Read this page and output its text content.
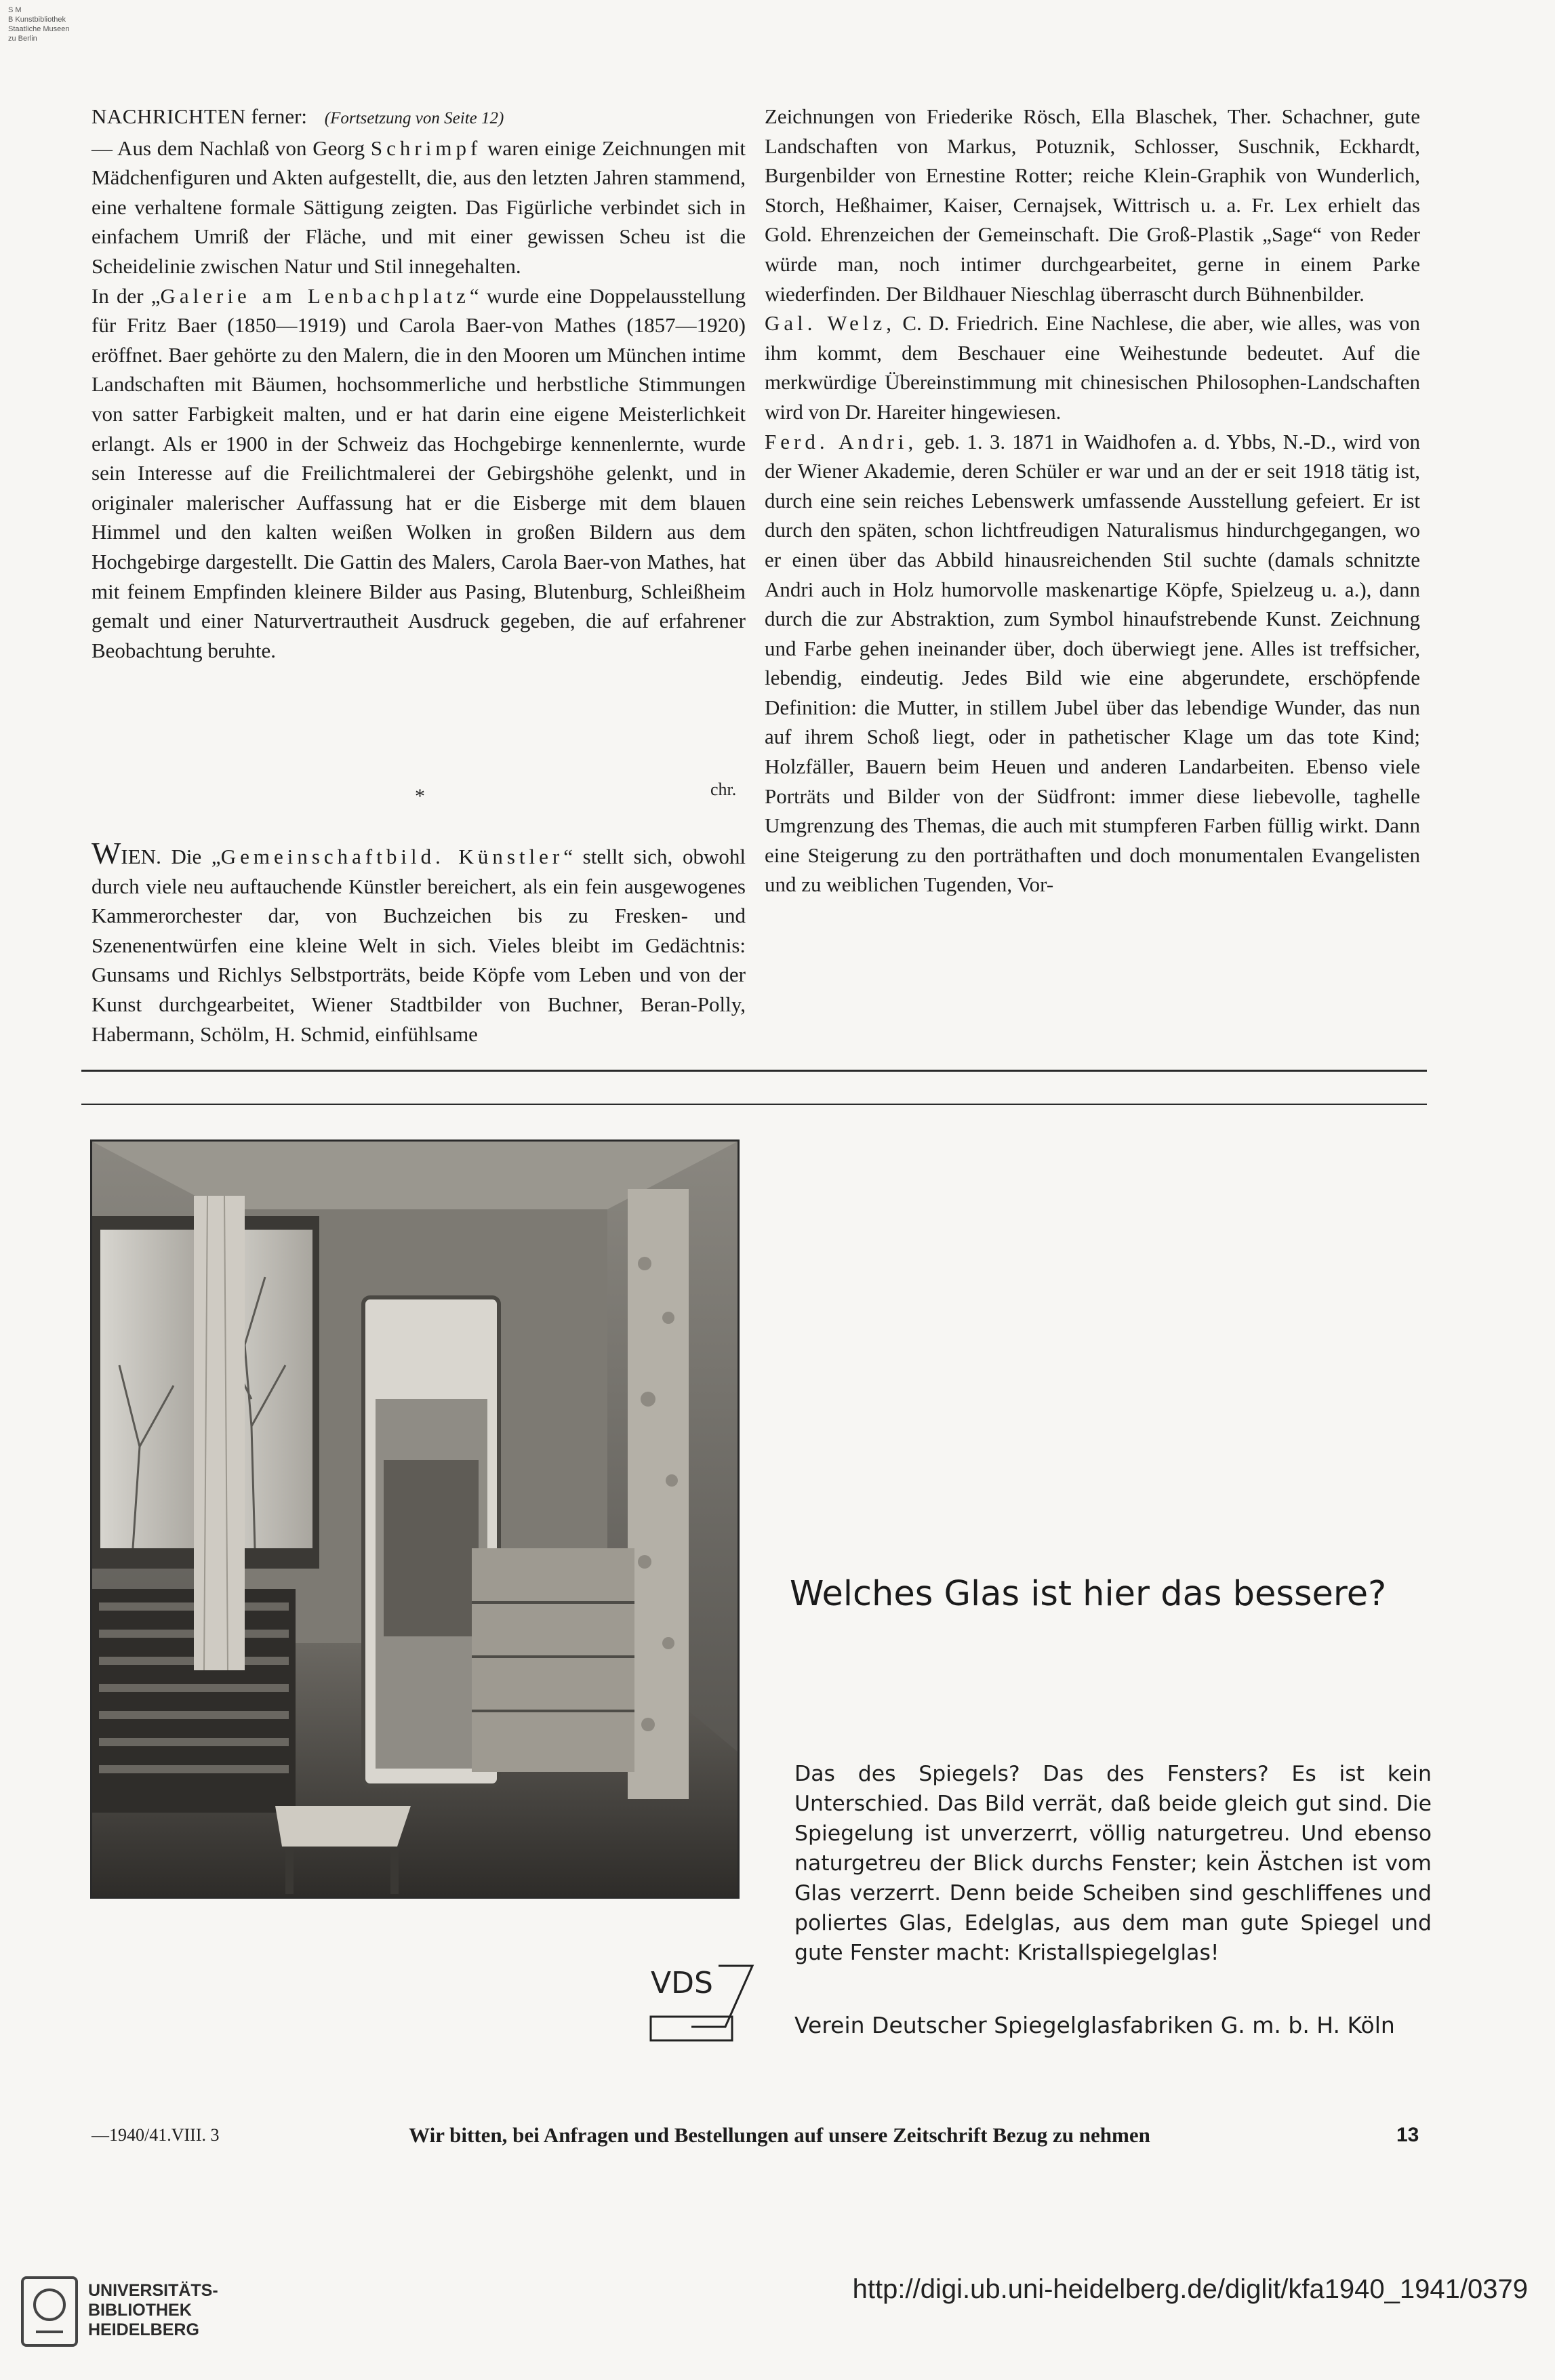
S M
B Kunstbibliothek
Staatliche Museen
zu Berlin

NACHRICHTEN ferner: (Fortsetzung von Seite 12)

— Aus dem Nachlaß von Georg Schrimpf waren einige Zeichnungen mit Mädchenfiguren und Akten aufgestellt, die, aus den letzten Jahren stammend, eine verhaltene formale Sättigung zeigten. Das Figürliche verbindet sich in einfachem Umriß der Fläche, und mit einer gewissen Scheu ist die Scheidelinie zwischen Natur und Stil innegehalten.

In der „Galerie am Lenbachplatz“ wurde eine Doppelausstellung für Fritz Baer (1850—1919) und Carola Baer-von Mathes (1857—1920) eröffnet. Baer gehörte zu den Malern, die in den Mooren um München intime Landschaften mit Bäumen, hochsommerliche und herbstliche Stimmungen von satter Farbigkeit malten, und er hat darin eine eigene Meisterlichkeit erlangt. Als er 1900 in der Schweiz das Hochgebirge kennenlernte, wurde sein Interesse auf die Freilichtmalerei der Gebirgshöhe gelenkt, und in originaler malerischer Auffassung hat er die Eisberge mit dem blauen Himmel und den kalten weißen Wolken in großen Bildern aus dem Hochgebirge dargestellt. Die Gattin des Malers, Carola Baer-von Mathes, hat mit feinem Empfinden kleinere Bilder aus Pasing, Blutenburg, Schleißheim gemalt und einer Naturvertrautheit Ausdruck gegeben, die auf erfahrener Beobachtung beruhte.

*	chr.

WIEN. Die „Gemeinschaftbild. Künstler“ stellt sich, obwohl durch viele neu auftauchende Künstler bereichert, als ein fein ausgewogenes Kammerorchester dar, von Buchzeichen bis zu Fresken- und Szenenentwürfen eine kleine Welt in sich. Vieles bleibt im Gedächtnis: Gunsams und Richlys Selbstporträts, beide Köpfe vom Leben und von der Kunst durchgearbeitet, Wiener Stadtbilder von Buchner, Beran-Polly, Habermann, Schölm, H. Schmid, einfühlsame

Zeichnungen von Friederike Rösch, Ella Blaschek, Ther. Schachner, gute Landschaften von Markus, Potuznik, Schlosser, Suschnik, Eckhardt, Burgenbilder von Ernestine Rotter; reiche Klein-Graphik von Wunderlich, Storch, Heßhaimer, Kaiser, Cernajsek, Wittrisch u. a. Fr. Lex erhielt das Gold. Ehrenzeichen der Gemeinschaft. Die Groß-Plastik „Sage“ von Reder würde man, noch intimer durchgearbeitet, gerne in einem Parke wiederfinden. Der Bildhauer Nieschlag überrascht durch Bühnenbilder.

Gal. Welz, C. D. Friedrich. Eine Nachlese, die aber, wie alles, was von ihm kommt, dem Beschauer eine Weihestunde bedeutet. Auf die merkwürdige Übereinstimmung mit chinesischen Philosophen-Landschaften wird von Dr. Hareiter hingewiesen.

Ferd. Andri, geb. 1. 3. 1871 in Waidhofen a. d. Ybbs, N.-D., wird von der Wiener Akademie, deren Schüler er war und an der er seit 1918 tätig ist, durch eine sein reiches Lebenswerk umfassende Ausstellung gefeiert. Er ist durch den späten, schon lichtfreudigen Naturalismus hindurchgegangen, wo er einen über das Abbild hinausreichenden Stil suchte (damals schnitzte Andri auch in Holz humorvolle maskenartige Köpfe, Spielzeug u. a.), dann durch die zur Abstraktion, zum Symbol hinaufstrebende Kunst. Zeichnung und Farbe gehen ineinander über, doch überwiegt jene. Alles ist treffsicher, lebendig, eindeutig. Jedes Bild wie eine abgerundete, erschöpfende Definition: die Mutter, in stillem Jubel über das lebendige Wunder, das nun auf ihrem Schoß liegt, oder in pathetischer Klage um das tote Kind; Holzfäller, Bauern beim Heuen und anderen Landarbeiten. Ebenso viele Porträts und Bilder von der Südfront: immer diese liebevolle, taghelle Umgrenzung des Themas, die auch mit stumpferen Farben füllig wirkt. Dann eine Steigerung zu den porträthaften und doch monumentalen Evangelisten und zu weiblichen Tugenden, Vor-

Welches Glas ist hier das bessere?

Das des Spiegels? Das des Fensters? Es ist kein Unterschied. Das Bild verrät, daß beide gleich gut sind. Die Spiegelung ist unverzerrt, völlig naturgetreu. Und ebenso naturgetreu der Blick durchs Fenster; kein Ästchen ist vom Glas verzerrt. Denn beide Scheiben sind geschliffenes und poliertes Glas, Edelglas, aus dem man gute Spiegel und gute Fenster macht: Kristallspiegelglas!

VDS
Verein Deutscher Spiegelglasfabriken G. m. b. H. Köln
—1940/41.VIII. 3	Wir bitten, bei Anfragen und Bestellungen auf unsere Zeitschrift Bezug zu nehmen	13
UNIVERSITÄTS-
BIBLIOTHEK
HEIDELBERG
http://digi.ub.uni-heidelberg.de/diglit/kfa1940_1941/0379
